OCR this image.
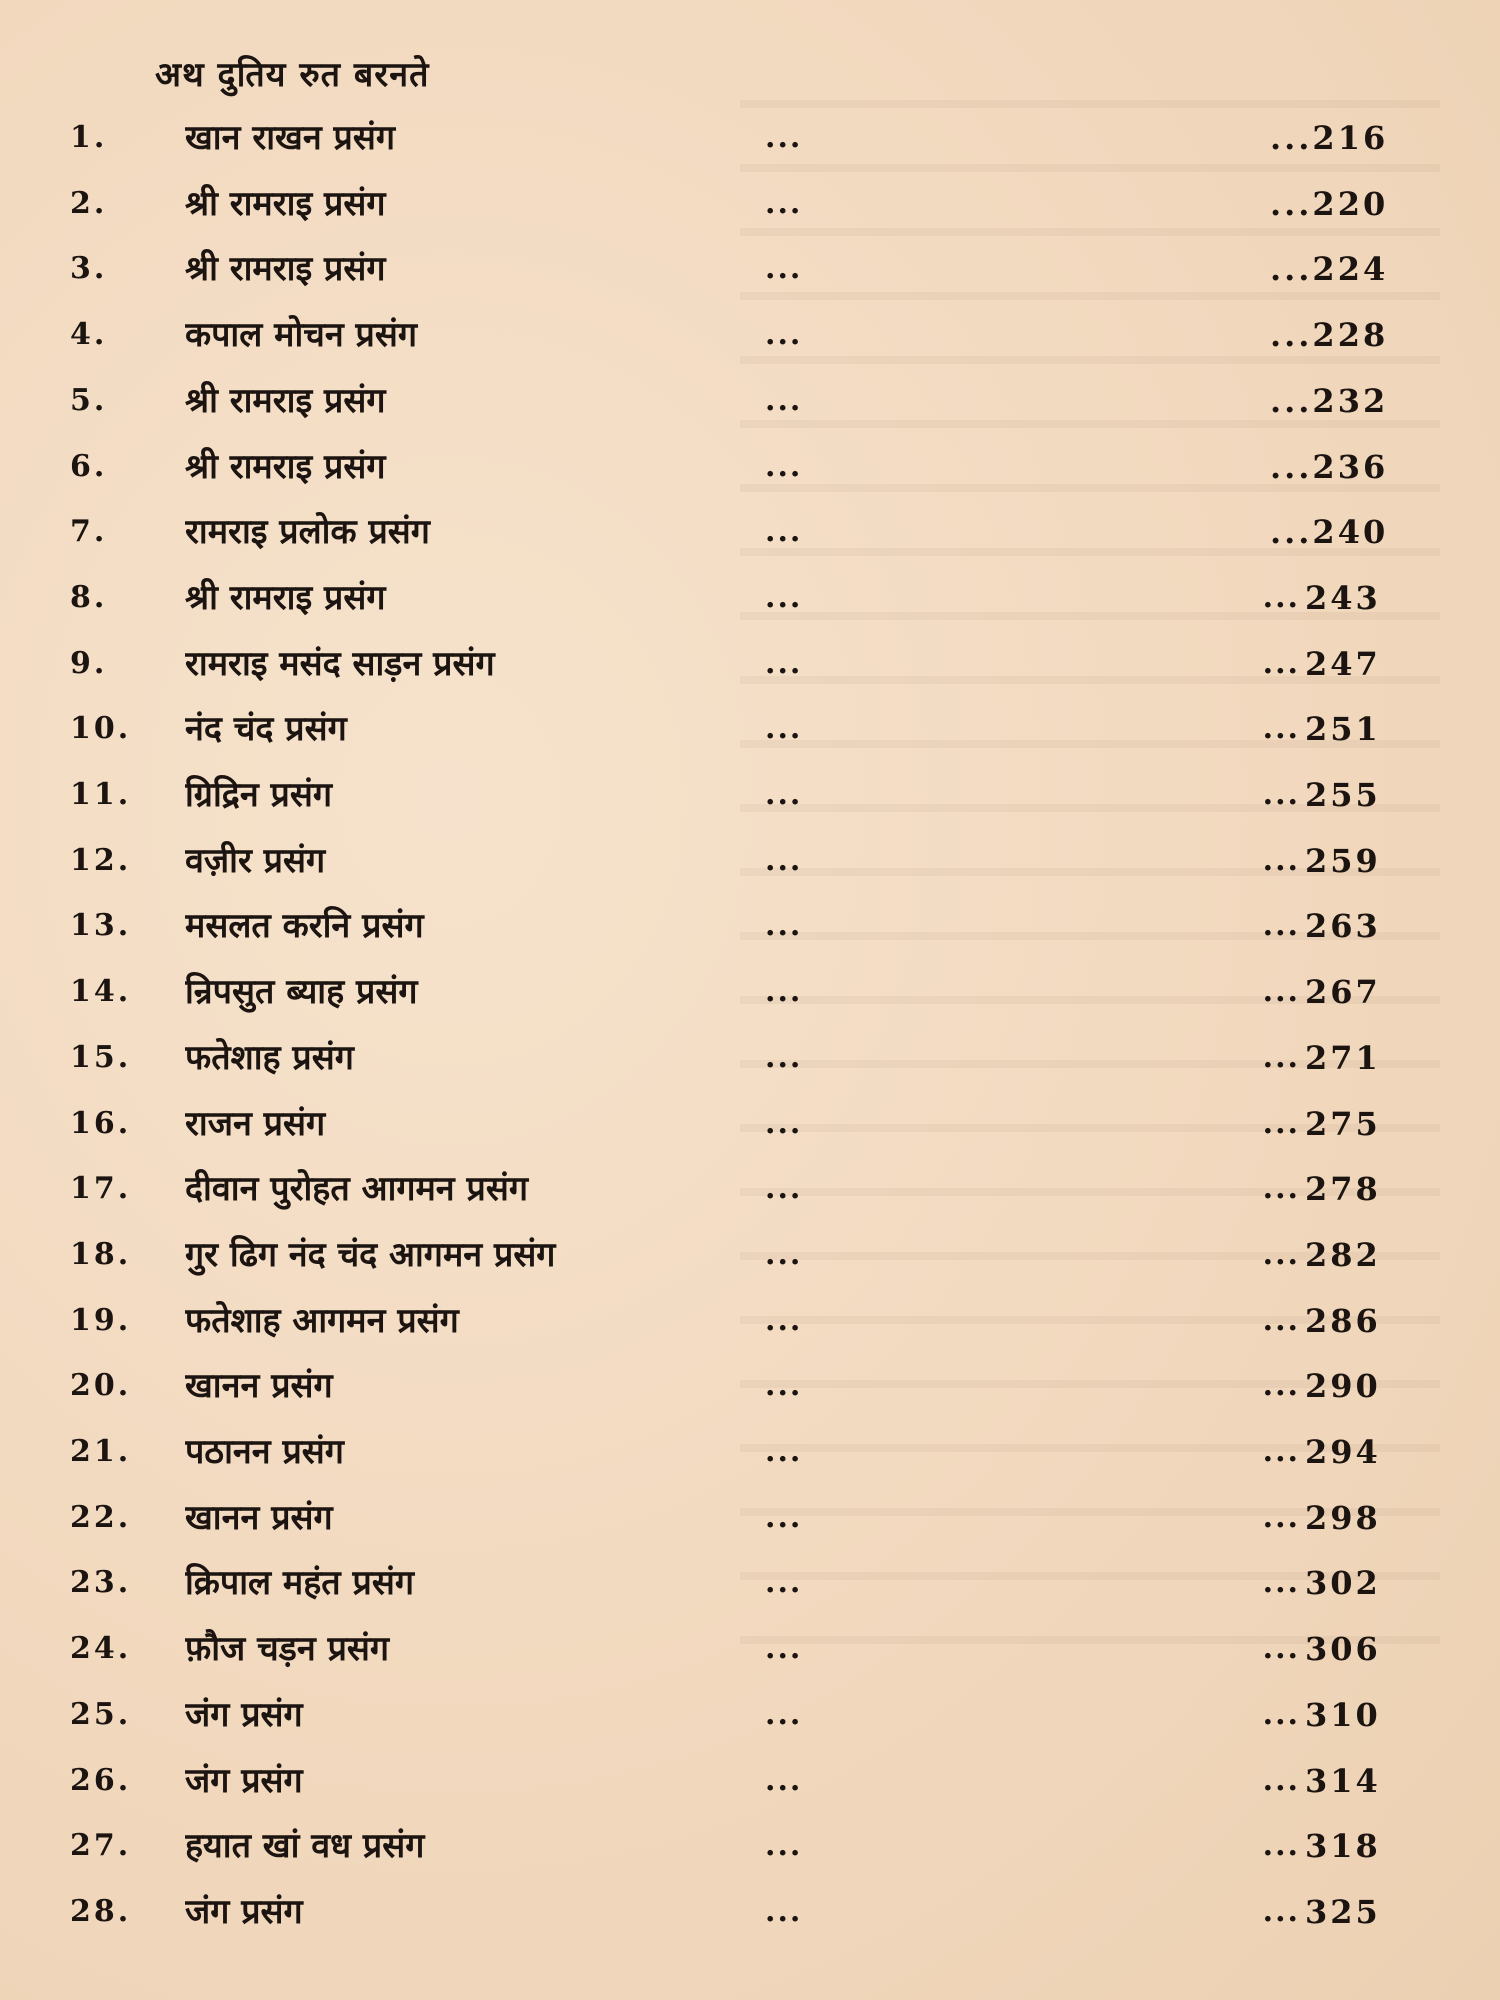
अथ दुतिय रुत बरनते
1.	खान राखन प्रसंग	...	...216
2.	श्री रामराइ प्रसंग	...	...220
3.	श्री रामराइ प्रसंग	...	...224
4.	कपाल मोचन प्रसंग	...	...228
5.	श्री रामराइ प्रसंग	...	...232
6.	श्री रामराइ प्रसंग	...	...236
7.	रामराइ प्रलोक प्रसंग	...	...240
8.	श्री रामराइ प्रसंग	...	... 243
9.	रामराइ मसंद साड़न प्रसंग	...	... 247
10.	नंद चंद प्रसंग	...	... 251
11.	ग्रिद्रिन प्रसंग	...	... 255
12.	वज़ीर प्रसंग	...	... 259
13.	मसलत करनि प्रसंग	...	... 263
14.	न्रिपसुत ब्याह प्रसंग	...	... 267
15.	फतेशाह प्रसंग	...	... 271
16.	राजन प्रसंग	...	... 275
17.	दीवान पुरोहत आगमन प्रसंग	...	... 278
18.	गुर ढिग नंद चंद आगमन प्रसंग	...	... 282
19.	फतेशाह आगमन प्रसंग	...	... 286
20.	खानन प्रसंग	...	... 290
21.	पठानन प्रसंग	...	... 294
22.	खानन प्रसंग	...	... 298
23.	क्रिपाल महंत प्रसंग	...	... 302
24.	फ़ौज चड़न प्रसंग	...	... 306
25.	जंग प्रसंग	...	... 310
26.	जंग प्रसंग	...	... 314
27.	हयात खां वध प्रसंग	...	... 318
28.	जंग प्रसंग	...	... 325
